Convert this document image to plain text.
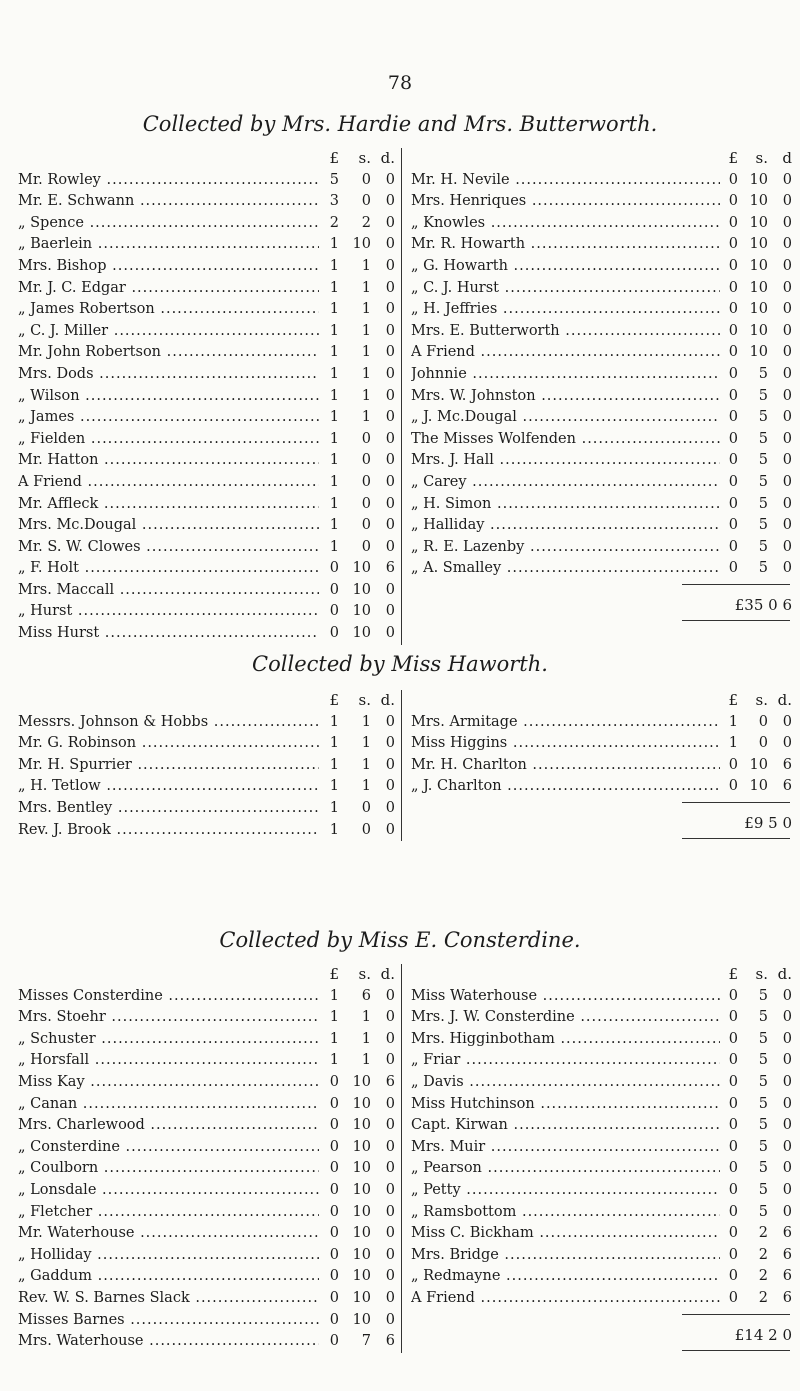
78
Collected by Mrs. Hardie and Mrs. Butterworth.
£	s. d.
Mr. Rowley .....	5	0	0
Mr. E. Schwann .....	3	0	0
„ Spence .....	2	2	0
„ Baerlein .....	1 10	0
Mrs. Bishop .....	1	1	0
Mr. J. C. Edgar .....	1	1	0
„ James Robertson .....	1	1	0
„ C. J. Miller .....	1	1	0
Mr. John Robertson .....	1	1	0
Mrs. Dods .....	1	1	0
„ Wilson .....	1	1	0
„ James .....	1	1	0
„ Fielden .....	1	0	0
Mr. Hatton .....	1	0	0
A Friend .....	1	0	0
Mr. Affleck .....	1	0	0
Mrs. Mc.Dougal .....	1	0	0
Mr. S. W. Clowes .....	1	0	0
„ F. Holt .....	0 10	6
Mrs. Maccall .....	0 10	0
„ Hurst .....	0 10	0
Miss Hurst .....	0 10	0
£	s. d
Mr. H. Nevile .....	0 10	0
Mrs. Henriques .....	0 10	0
„ Knowles .....	0 10	0
Mr. R. Howarth .....	0 10	0
„ G. Howarth .....	0 10	0
„ C. J. Hurst .....	0 10	0
„ H. Jeffries .....	0 10	0
Mrs. E. Butterworth .....	0 10	0
A Friend .....	0 10	0
Johnnie .....	0	5	0
Mrs. W. Johnston .....	0	5	0
„ J. Mc.Dougal .....	0	5	0
The Misses Wolfenden .....	0	5	0
Mrs. J. Hall .....	0	5	0
„ Carey .....	0	5	0
„ H. Simon .....	0	5	0
„ Halliday .....	0	5	0
„ R. E. Lazenby .....	0	5	0
„ A. Smalley .....	0	5	0
£35 0 6
Collected by Miss Haworth.
£	s. d.
Messrs. Johnson & Hobbs .....	1	1	0
Mr. G. Robinson .....	1	1	0
Mr. H. Spurrier .....	1	1	0
„ H. Tetlow .....	1	1	0
Mrs. Bentley .....	1	0	0
Rev. J. Brook .....	1	0	0
£	s. d.
Mrs. Armitage .....	1	0	0
Miss Higgins .....	1	0	0
Mr. H. Charlton .....	0 10	6
„ J. Charlton .....	0 10	6
£9 5 0
Collected by Miss E. Consterdine.
£	s. d.
Misses Consterdine .....	1	6	0
Mrs. Stoehr .....	1	1	0
„ Schuster .....	1	1	0
„ Horsfall .....	1	1	0
Miss Kay .....	0 10	6
„ Canan .....	0 10	0
Mrs. Charlewood .....	0 10	0
„ Consterdine .....	0 10	0
„ Coulborn .....	0 10	0
„ Lonsdale .....	0 10	0
„ Fletcher .....	0 10	0
Mr. Waterhouse .....	0 10	0
„ Holliday .....	0 10	0
„ Gaddum .....	0 10	0
Rev. W. S. Barnes Slack .....	0 10	0
Misses Barnes .....	0 10	0
Mrs. Waterhouse .....	0	7	6
£	s. d.
Miss Waterhouse .....	0	5	0
Mrs. J. W. Consterdine .....	0	5	0
Mrs. Higginbotham .....	0	5	0
„ Friar .....	0	5	0
„ Davis .....	0	5	0
Miss Hutchinson .....	0	5	0
Capt. Kirwan .....	0	5	0
Mrs. Muir .....	0	5	0
„ Pearson .....	0	5	0
„ Petty .....	0	5	0
„ Ramsbottom .....	0	5	0
Miss C. Bickham .....	0	2	6
Mrs. Bridge .....	0	2	6
„ Redmayne .....	0	2	6
A Friend .....	0	2	6
£14 2 0
